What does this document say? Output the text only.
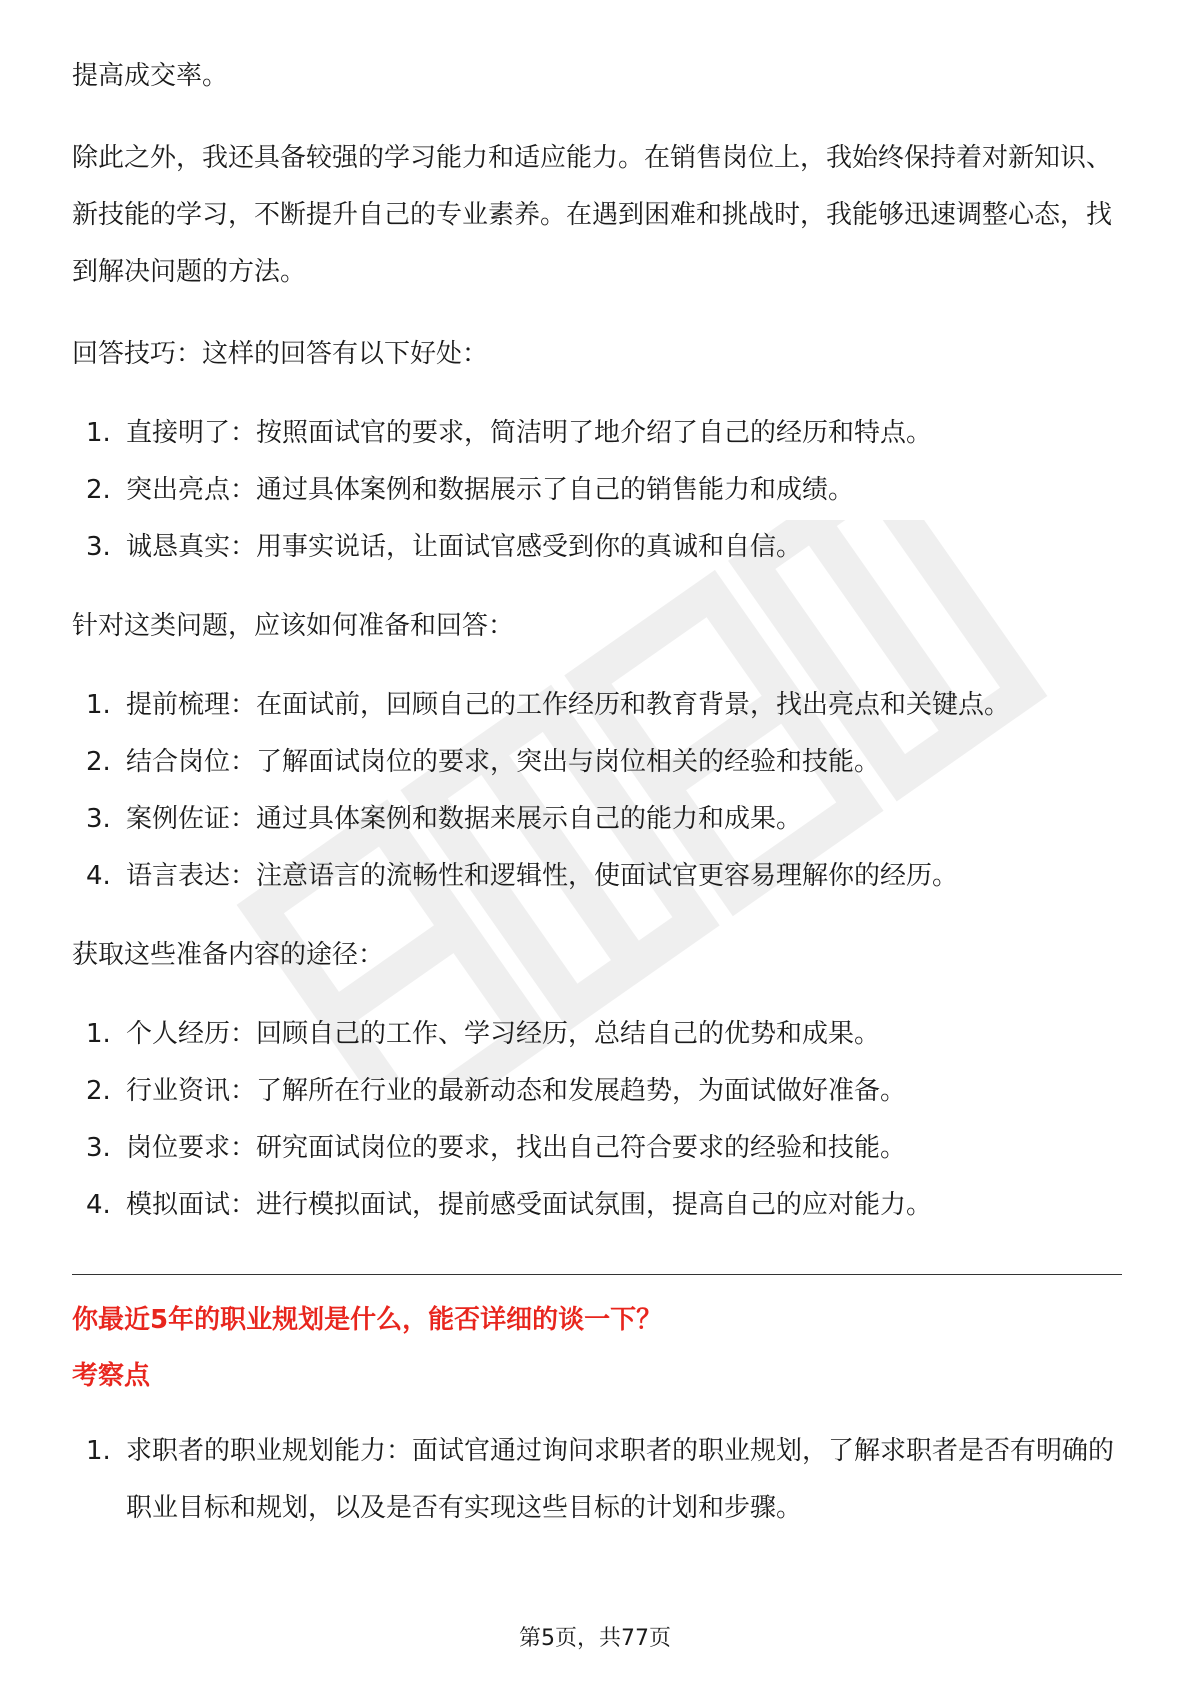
提高成交率。

除此之外，我还具备较强的学习能力和适应能力。在销售岗位上，我始终保持着对新知识、新技能的学习，不断提升自己的专业素养。在遇到困难和挑战时，我能够迅速调整心态，找到解决问题的方法。

回答技巧：这样的回答有以下好处：

1. 直接明了：按照面试官的要求，简洁明了地介绍了自己的经历和特点。
2. 突出亮点：通过具体案例和数据展示了自己的销售能力和成绩。
3. 诚恳真实：用事实说话，让面试官感受到你的真诚和自信。

针对这类问题，应该如何准备和回答：

1. 提前梳理：在面试前，回顾自己的工作经历和教育背景，找出亮点和关键点。
2. 结合岗位：了解面试岗位的要求，突出与岗位相关的经验和技能。
3. 案例佐证：通过具体案例和数据来展示自己的能力和成果。
4. 语言表达：注意语言的流畅性和逻辑性，使面试官更容易理解你的经历。

获取这些准备内容的途径：

1. 个人经历：回顾自己的工作、学习经历，总结自己的优势和成果。
2. 行业资讯：了解所在行业的最新动态和发展趋势，为面试做好准备。
3. 岗位要求：研究面试岗位的要求，找出自己符合要求的经验和技能。
4. 模拟面试：进行模拟面试，提前感受面试氛围，提高自己的应对能力。
你最近5年的职业规划是什么，能否详细的谈一下？
考察点
1. 求职者的职业规划能力：面试官通过询问求职者的职业规划，了解求职者是否有明确的职业目标和规划，以及是否有实现这些目标的计划和步骤。
第5页，共77页
